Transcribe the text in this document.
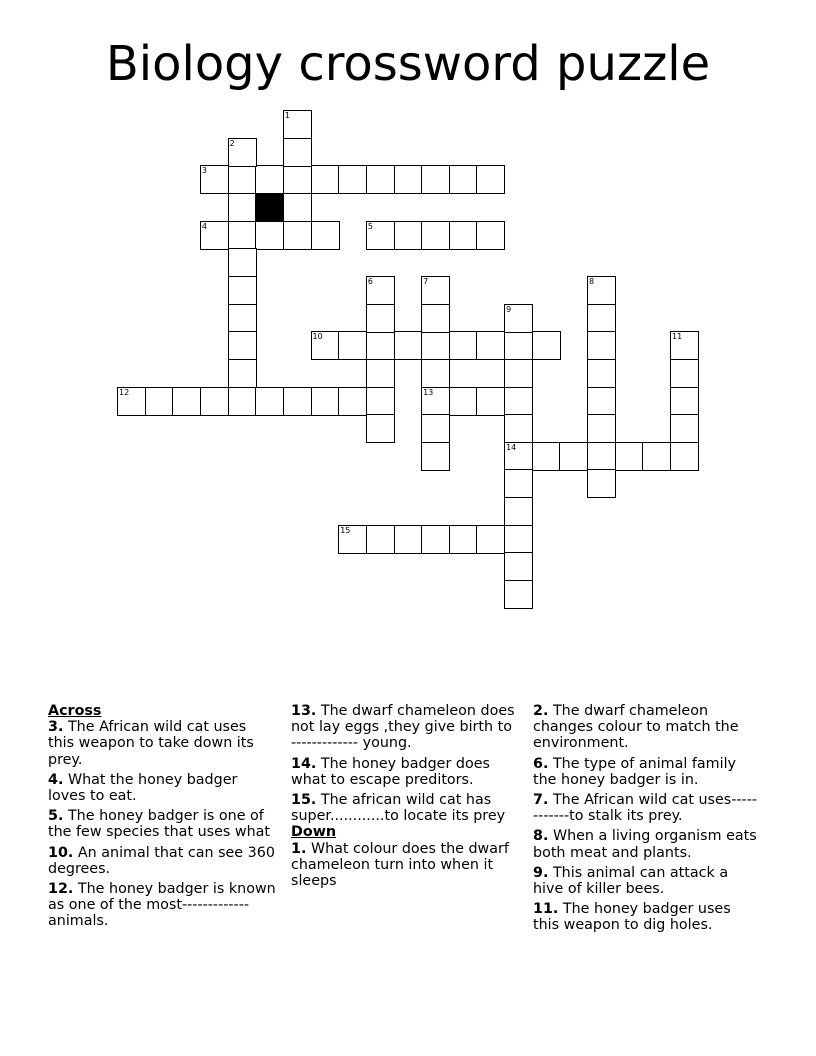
Biology crossword puzzle
3
4	5
10
12	13
14
15
1
2
6	7	8
9
11
Across
3. The African wild cat uses this weapon to take down its prey.
4. What the honey badger loves to eat.
5. The honey badger is one of the few species that uses what
10. An animal that can see 360 degrees.
12. The honey badger is known as one of the most------------- animals.
13. The dwarf chameleon does not lay eggs ,they give birth to ------------- young.
14. The honey badger does what to escape preditors.
15. The african wild cat has super............to locate its prey
Down
1. What colour does the dwarf chameleon turn into when it sleeps
2. The dwarf chameleon changes colour to match the environment.
6. The type of animal family the honey badger is in.
7. The African wild cat uses------------to stalk its prey.
8. When a living organism eats both meat and plants.
9. This animal can attack a hive of killer bees.
11. The honey badger uses this weapon to dig holes.
